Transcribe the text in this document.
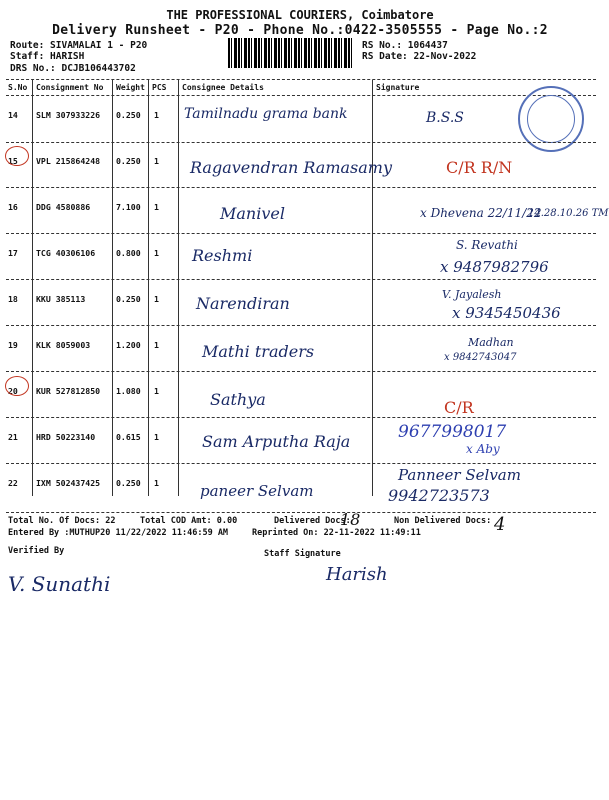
THE PROFESSIONAL COURIERS, Coimbatore
Delivery Runsheet - P20 - Phone No.:0422-3505555 - Page No.:2
Route: SIVAMALAI 1 - P20
Staff: HARISH
DRS No.: DCJB106443702
RS No.: 1064437
RS Date: 22-Nov-2022
S.No Consignment No Weight PCS Consignee Details	Signature
14 SLM 307933226 0.250 1 Tamilnadu grama bank	B.S.S
15 VPL 215864248 0.250 1 Ragavendran Ramasamy	C/R R/N
16 DDG 4580886	7.100 1	Manivel	x Dhevena 22/11/22
14.28.10.26 TM
17 TCG 40306106	0.800 1 Reshmi
S. Revathi
x 9487982796
18 KKU 385113	0.250 1 Narendiran	V. Jayalesh
x 9345450436
19 KLK 8059003	1.200 1	Mathi traders	Madhan
x 9842743047
20 KUR 527812850 1.080 1	Sathya	C/R
21 HRD 50223140	0.615 1	Sam Arputha Raja	9677998017
x Aby
22 IXM 502437425 0.250 1	paneer Selvam
Panneer Selvam
9942723573
Total No. Of Docs: 22	Total COD Amt: 0.00	Delivered Docs:
18	Non Delivered Docs: 4
Entered By :MUTHUP20 11/22/2022 11:46:59 AM	Reprinted On: 22-11-2022 11:49:11
Verified By	Staff Signature
V. Sunathi	Harish
